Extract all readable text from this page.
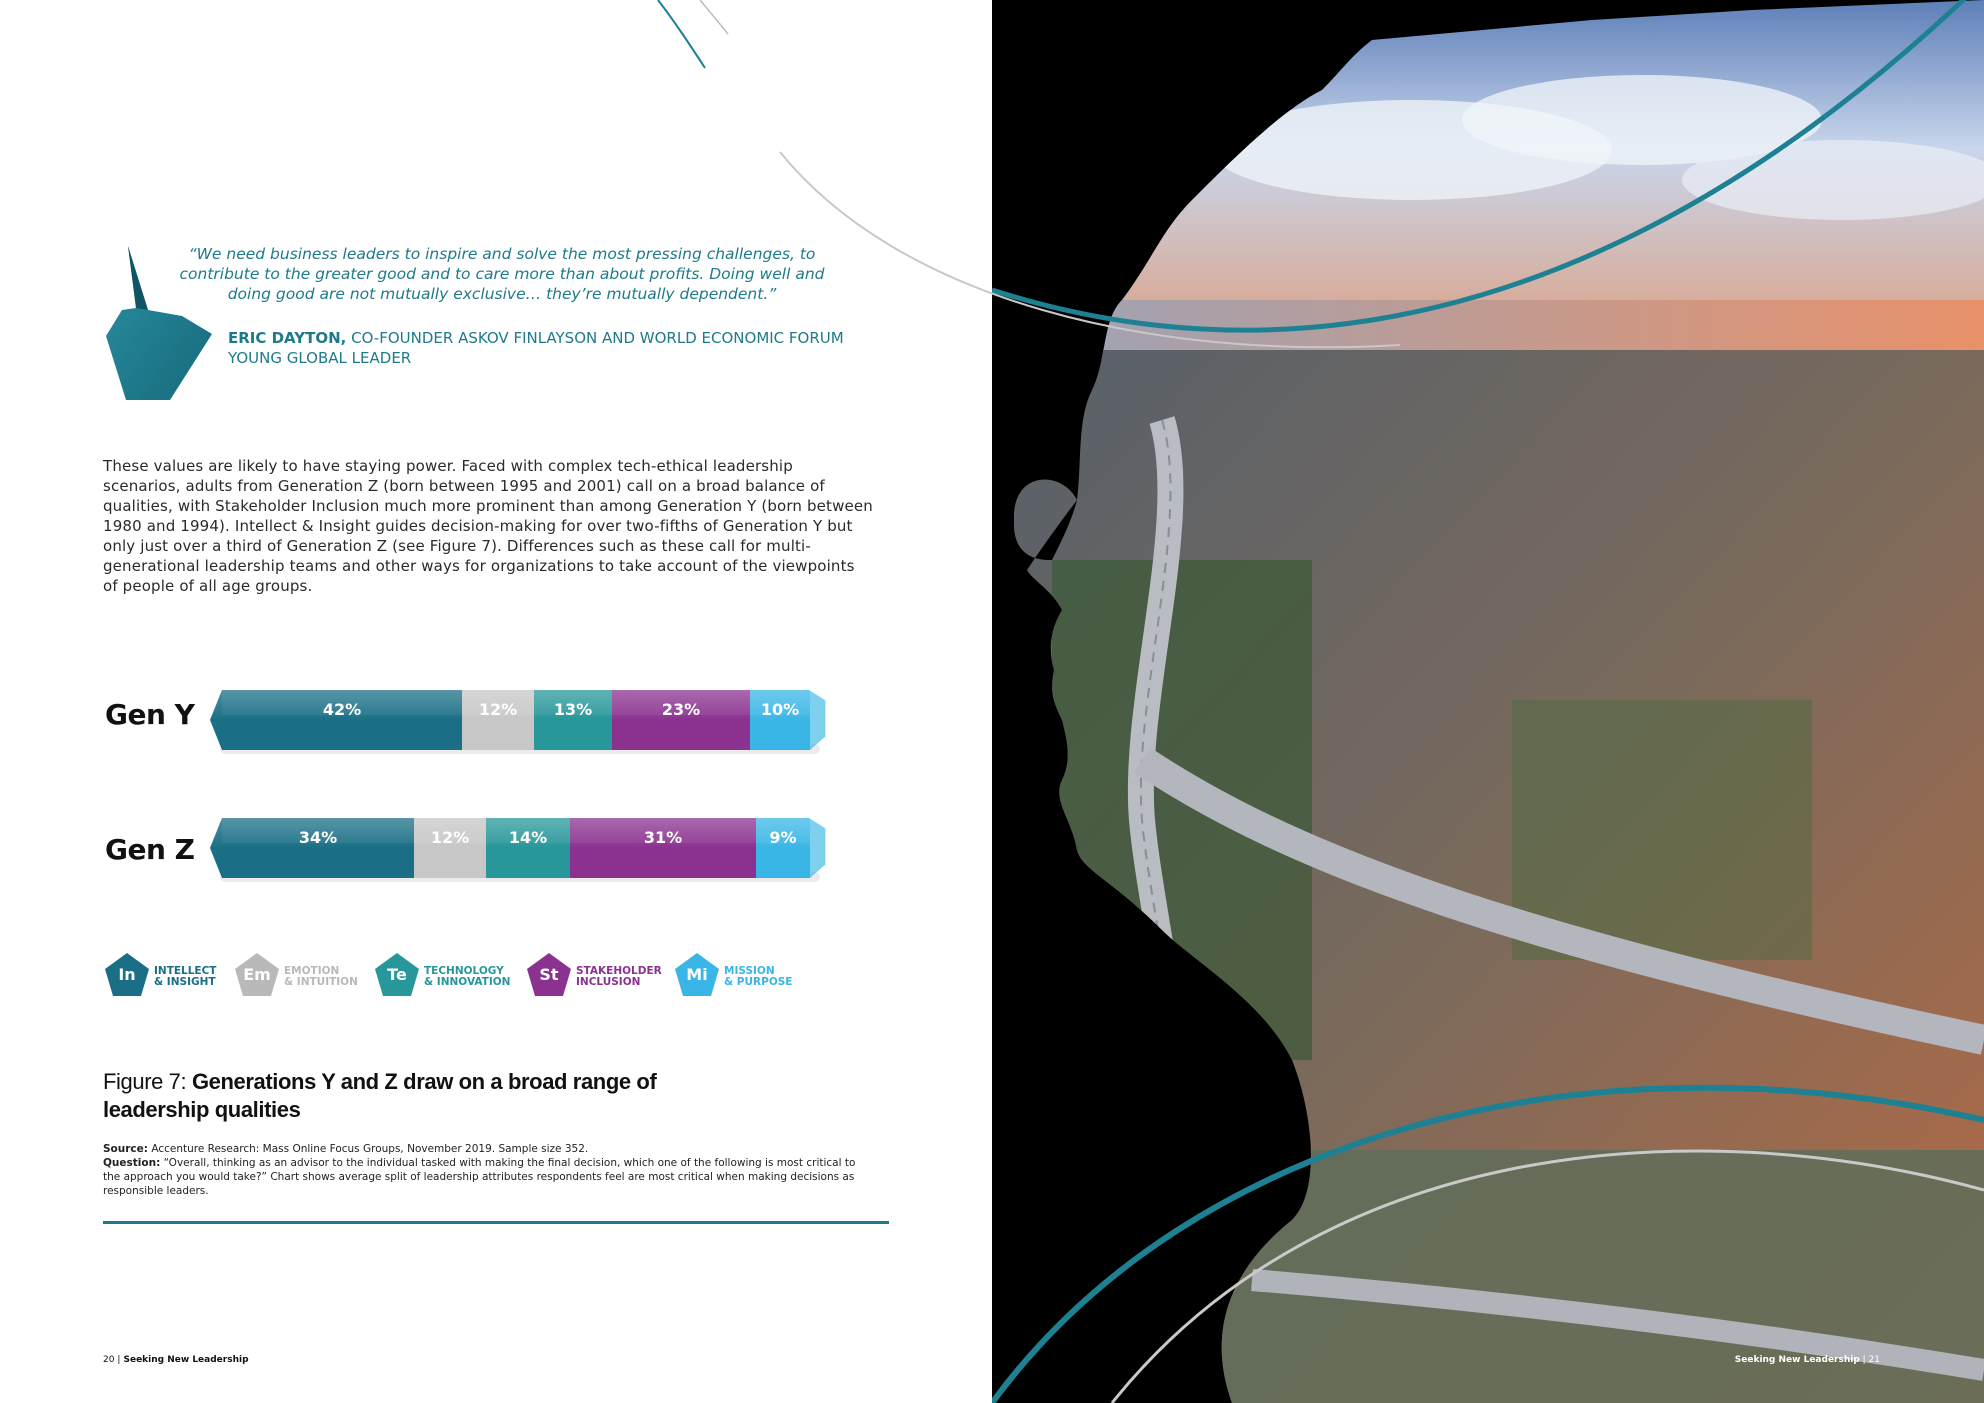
“We need business leaders to inspire and solve the most pressing challenges, to contribute to the greater good and to care more than about profits. Doing well and doing good are not mutually exclusive… they’re mutually dependent.”
ERIC DAYTON, CO-FOUNDER ASKOV FINLAYSON AND WORLD ECONOMIC FORUM YOUNG GLOBAL LEADER
These values are likely to have staying power. Faced with complex tech-ethical leadership scenarios, adults from Generation Z (born between 1995 and 2001) call on a broad balance of qualities, with Stakeholder Inclusion much more prominent than among Generation Y (born between 1980 and 1994). Intellect & Insight guides decision-making for over two-fifths of Generation Y but only just over a third of Generation Z (see Figure 7). Differences such as these call for multi-generational leadership teams and other ways for organizations to take account of the viewpoints of people of all age groups.
Gen Y
Gen Z
42%	12% 13%	23%	10%
34%	12% 14%	31%	9%
In	INTELLECT
& INSIGHT	Em	EMOTION
& INTUITION	Te	TECHNOLOGY
& INNOVATION	St	STAKEHOLDER
INCLUSION	Mi	MISSION
& PURPOSE
Figure 7: Generations Y and Z draw on a broad range of leadership qualities
Source: Accenture Research: Mass Online Focus Groups, November 2019. Sample size 352.
Question: “Overall, thinking as an advisor to the individual tasked with making the final decision, which one of the following is most critical to the approach you would take?” Chart shows average split of leadership attributes respondents feel are most critical when making decisions as responsible leaders.
20 | Seeking New Leadership	Seeking New Leadership | 21
